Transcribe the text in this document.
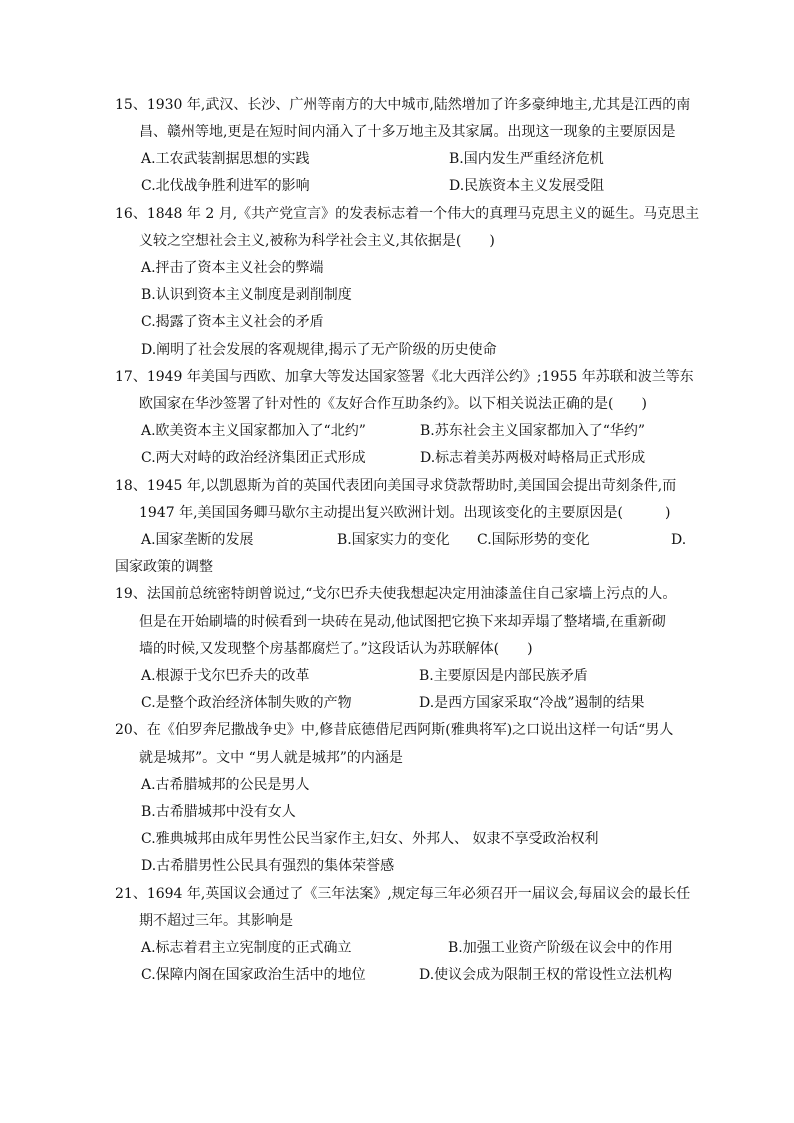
15、1930 年,武汉、长沙、广州等南方的大中城市,陆然增加了许多豪绅地主,尤其是江西的南
昌、赣州等地,更是在短时间内涌入了十多万地主及其家属。出现这一现象的主要原因是
A.工农武装割据思想的实践	B.国内发生严重经济危机
C.北伐战争胜利进军的影响	D.民族资本主义发展受阻
16、1848 年 2 月,《共产党宣言》的发表标志着一个伟大的真理马克思主义的诞生。马克思主
义较之空想社会主义,被称为科学社会主义,其依据是(　　)
A.抨击了资本主义社会的弊端
B.认识到资本主义制度是剥削制度
C.揭露了资本主义社会的矛盾
D.阐明了社会发展的客观规律,揭示了无产阶级的历史使命
17、1949 年美国与西欧、加拿大等发达国家签署《北大西洋公约》;1955 年苏联和波兰等东
欧国家在华沙签署了针对性的《友好合作互助条约》。以下相关说法正确的是(　　)
A.欧美资本主义国家都加入了“北约”	B.苏东社会主义国家都加入了“华约”
C.两大对峙的政治经济集团正式形成	D.标志着美苏两极对峙格局正式形成
18、1945 年,以凯恩斯为首的英国代表团向美国寻求贷款帮助时,美国国会提出苛刻条件,而
1947 年,美国国务卿马歇尔主动提出复兴欧洲计划。出现该变化的主要原因是(　　　)
A.国家垄断的发展	B.国家实力的变化 C.国际形势的变化	D.
国家政策的调整
19、法国前总统密特朗曾说过,“戈尔巴乔夫使我想起决定用油漆盖住自己家墙上污点的人。
但是在开始刷墙的时候看到一块砖在晃动,他试图把它换下来却弄塌了整堵墙,在重新砌
墙的时候,又发现整个房基都腐烂了。”这段话认为苏联解体(　　)
A.根源于戈尔巴乔夫的改革	B.主要原因是内部民族矛盾
C.是整个政治经济体制失败的产物	D.是西方国家采取“冷战”遏制的结果
20、在《伯罗奔尼撒战争史》中,修昔底德借尼西阿斯(雅典将军)之口说出这样一句话“男人
就是城邦”。文中 “男人就是城邦”的内涵是
A.古希腊城邦的公民是男人
B.古希腊城邦中没有女人
C.雅典城邦由成年男性公民当家作主,妇女、外邦人、 奴隶不享受政治权利
D.古希腊男性公民具有强烈的集体荣誉感
21、1694 年,英国议会通过了《三年法案》,规定每三年必须召开一届议会,每届议会的最长任
期不超过三年。其影响是
A.标志着君主立宪制度的正式确立	B.加强工业资产阶级在议会中的作用
C.保障内阁在国家政治生活中的地位	D.使议会成为限制王权的常设性立法机构
